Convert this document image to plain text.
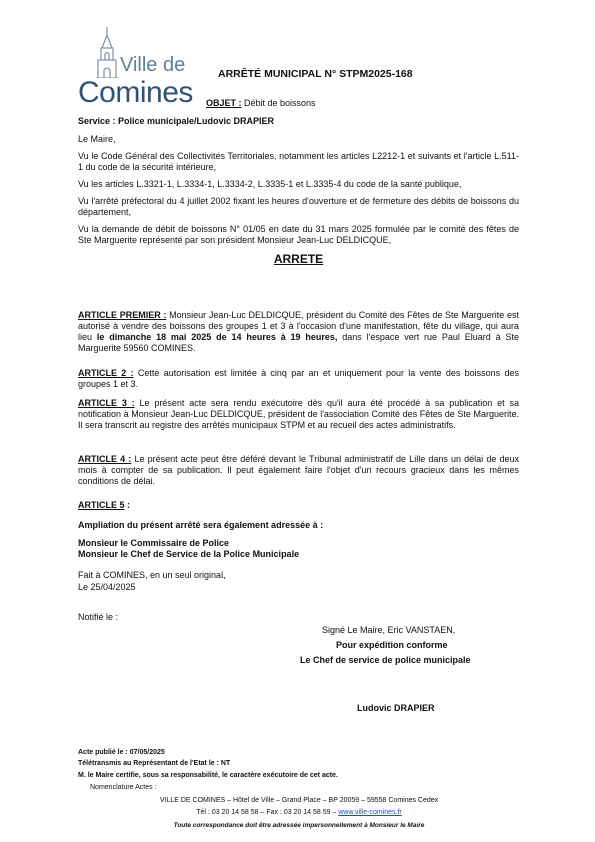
Ville de
Comines
ARRÊTÉ MUNICIPAL N° STPM2025-168
OBJET : Débit de boissons
Service : Police municipale/Ludovic DRAPIER

Le Maire,

Vu le Code Général des Collectivités Territoriales, notamment les articles L2212-1 et suivants et l'article L.511-1 du code de la sécurité intérieure,

Vu les articles L.3321-1, L.3334-1, L.3334-2, L.3335-1 et L.3335-4 du code de la santé publique,

Vu l'arrêté préfectoral du 4 juillet 2002 fixant les heures d'ouverture et de fermeture des débits de boissons du département,

Vu la demande de débit de boissons N° 01/05 en date du 31 mars 2025 formulée par le comité des fêtes de Ste Marguerite représenté par son président Monsieur Jean-Luc DELDICQUE,

ARRETE

ARTICLE PREMIER : Monsieur Jean-Luc DELDICQUE, président du Comité des Fêtes de Ste Marguerite est autorisé à vendre des boissons des groupes 1 et 3 à l'occasion d'une manifestation, fête du village, qui aura lieu le dimanche 18 mai 2025 de 14 heures à 19 heures, dans l'espace vert rue Paul Eluard à Ste Marguerite 59560 COMINES.

ARTICLE 2 : Cette autorisation est limitée à cinq par an et uniquement pour la vente des boissons des groupes 1 et 3.

ARTICLE 3 : Le présent acte sera rendu exécutoire dès qu'il aura été procédé à sa publication et sa notification à Monsieur Jean-Luc DELDICQUE, président de l'association Comité des Fêtes de Ste Marguerite. Il sera transcrit au registre des arrêtés municipaux STPM et au recueil des actes administratifs.

ARTICLE 4 : Le présent acte peut être déféré devant le Tribunal administratif de Lille dans un délai de deux mois à compter de sa publication. Il peut également faire l'objet d'un recours gracieux dans les mêmes conditions de délai.

ARTICLE 5 :

Ampliation du présent arrêté sera également adressée à :

Monsieur le Commissaire de Police

Monsieur le Chef de Service de la Police Municipale

Fait à COMINES, en un seul original,

Le 25/04/2025

Notifié le :

Signé Le Maire, Eric VANSTAEN,

Pour expédition conforme

Le Chef de service de police municipale

Ludovic DRAPIER

Acte publié le : 07/05/2025

Télétransmis au Représentant de l'Etat le : NT

M. le Maire certifie, sous sa responsabilité, le caractère exécutoire de cet acte.

Nomenclature Actes :

VILLE DE COMINES – Hôtel de Ville – Grand Place – BP 20059 – 59558 Comines Cedex

Tél : 03 20 14 58 58 – Fax : 03 20 14 58 59 – www.ville-comines.fr

Toute correspondance doit être adressée impersonnellement à Monsieur le Maire
